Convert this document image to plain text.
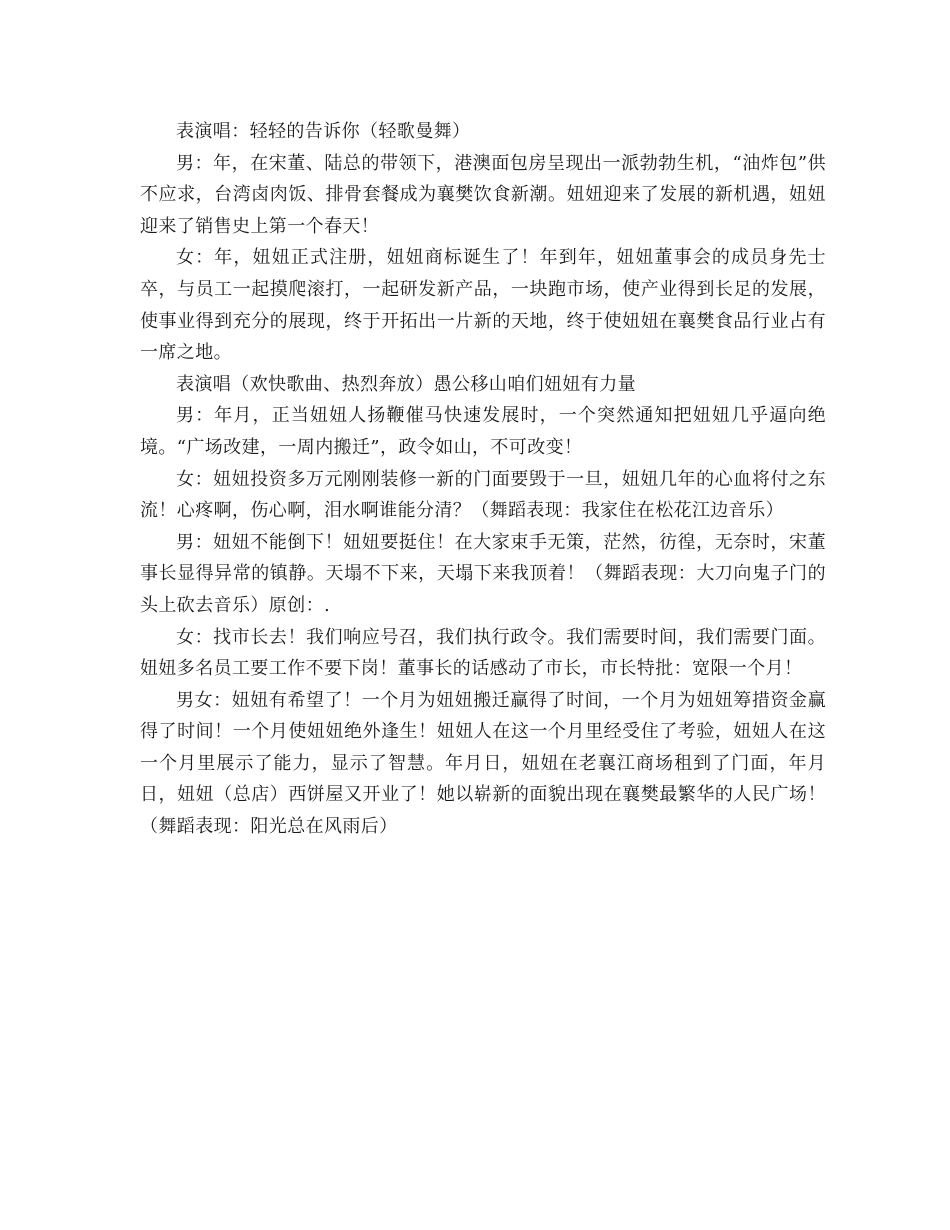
表演唱：轻轻的告诉你（轻歌曼舞）

男：年，在宋董、陆总的带领下，港澳面包房呈现出一派勃勃生机，“油炸包”供不应求，台湾卤肉饭、排骨套餐成为襄樊饮食新潮。妞妞迎来了发展的新机遇，妞妞迎来了销售史上第一个春天！

女：年，妞妞正式注册，妞妞商标诞生了！年到年，妞妞董事会的成员身先士卒，与员工一起摸爬滚打，一起研发新产品，一块跑市场，使产业得到长足的发展，使事业得到充分的展现，终于开拓出一片新的天地，终于使妞妞在襄樊食品行业占有一席之地。

表演唱（欢快歌曲、热烈奔放）愚公移山咱们妞妞有力量

男：年月，正当妞妞人扬鞭催马快速发展时，一个突然通知把妞妞几乎逼向绝境。“广场改建，一周内搬迁”，政令如山，不可改变！

女：妞妞投资多万元刚刚装修一新的门面要毁于一旦，妞妞几年的心血将付之东流！心疼啊，伤心啊，泪水啊谁能分清？（舞蹈表现：我家住在松花江边音乐）

男：妞妞不能倒下！妞妞要挺住！在大家束手无策，茫然，彷徨，无奈时，宋董事长显得异常的镇静。天塌不下来，天塌下来我顶着！（舞蹈表现：大刀向鬼子门的头上砍去音乐）原创：.

女：找市长去！我们响应号召，我们执行政令。我们需要时间，我们需要门面。妞妞多名员工要工作不要下岗！董事长的话感动了市长，市长特批：宽限一个月！

男女：妞妞有希望了！一个月为妞妞搬迁赢得了时间，一个月为妞妞筹措资金赢得了时间！一个月使妞妞绝外逢生！妞妞人在这一个月里经受住了考验，妞妞人在这一个月里展示了能力，显示了智慧。年月日，妞妞在老襄江商场租到了门面，年月日，妞妞（总店）西饼屋又开业了！她以崭新的面貌出现在襄樊最繁华的人民广场！（舞蹈表现：阳光总在风雨后）
